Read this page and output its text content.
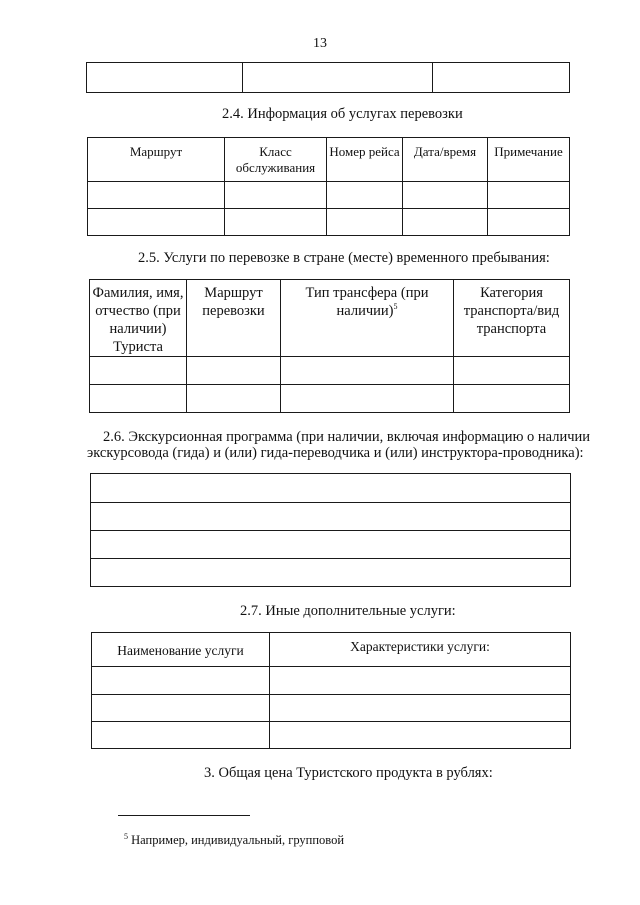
13

2.4. Информация об услугах перевозки
Маршрут	Класс обслуживания	Номер рейса	Дата/время	Примечание

2.5. Услуги по перевозке в стране (месте) временного пребывания:
Фамилия, имя, отчество (при наличии) Туриста	Маршрут перевозки	Тип трансфера (при наличии)$^5$	Категория транспорта/вид транспорта

2.6. Экскурсионная программа (при наличии, включая информацию о наличии
экскурсовода (гида) и (или) гида-переводчика и (или) инструктора-проводника):

2.7. Иные дополнительные услуги:
Наименование услуги	Характеристики услуги:

3. Общая цена Туристского продукта в рублях:
$^5$ Например, индивидуальный, групповой
